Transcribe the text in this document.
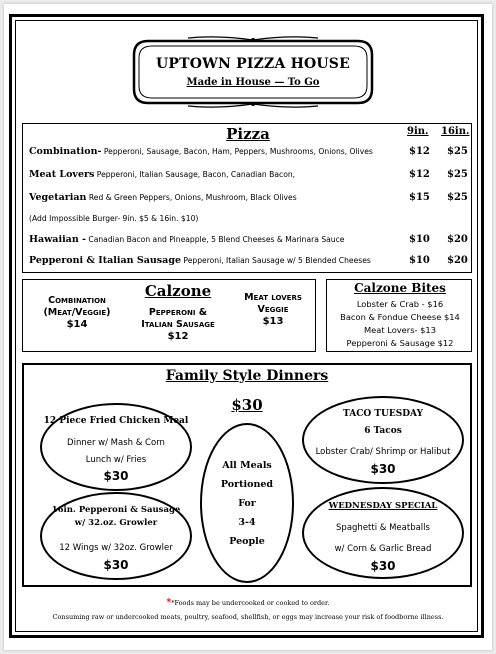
UPTOWN PIZZA HOUSE
Made in House — To Go
Pizza	9in. 16in.
Combination- Pepperoni, Sausage, Bacon, Ham, Peppers, Mushrooms, Onions, Olives	$12 $25
Meat Lovers Pepperoni, Italian Sausage, Bacon, Canadian Bacon,	$12 $25
Vegetarian Red & Green Peppers, Onions, Mushroom, Black Olives	$15 $25
(Add Impossible Burger- 9in. $5 & 16in. $10)
Hawaiian - Canadian Bacon and Pineapple, 5 Blend Cheeses & Marinara Sauce	$10 $20
Pepperoni & Italian Sausage Pepperoni, Italian Sausage w/ 5 Blended Cheeses	$10 $20
Calzone
Combination
(Meat/Veggie)
$14
Pepperoni &
Italian Sausage
$12
Meat lovers
Veggie
$13
Calzone Bites
Lobster & Crab - $16
Bacon & Fondue Cheese $14
Meat Lovers- $13
Pepperoni & Sausage $12
Family Style Dinners
$30
12 Piece Fried Chicken Meal
Dinner w/ Mash & Corn
Lunch w/ Fries
$30
16in. Pepperoni & Sausage
w/ 32.oz. Growler
12 Wings w/ 32oz. Growler
$30
All Meals
Portioned
For
3-4
People
TACO TUESDAY
6 Tacos
Lobster Crab/ Shrimp or Halibut
$30
WEDNESDAY SPECIAL
Spaghetti & Meatballs
w/ Corn & Garlic Bread
$30
**Foods may be undercooked or cooked to order.
Consuming raw or undercooked meats, poultry, seafood, shellfish, or eggs may increase your risk of foodborne illness.
